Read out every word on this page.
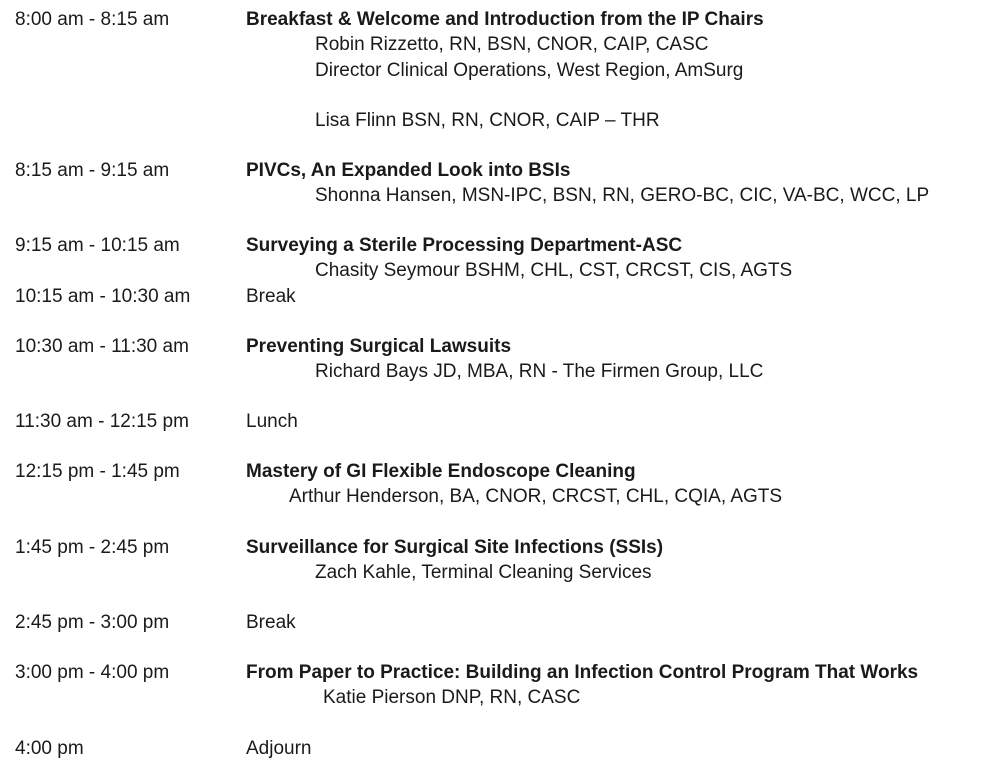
8:00 am - 8:15 am	Breakfast & Welcome and Introduction from the IP Chairs
Robin Rizzetto, RN, BSN, CNOR, CAIP, CASC
Director Clinical Operations, West Region, AmSurg
Lisa Flinn BSN, RN, CNOR, CAIP – THR
8:15 am - 9:15 am	PIVCs, An Expanded Look into BSIs
Shonna Hansen, MSN-IPC, BSN, RN, GERO-BC, CIC, VA-BC, WCC, LP
9:15 am - 10:15 am	Surveying a Sterile Processing Department-ASC
Chasity Seymour BSHM, CHL, CST, CRCST, CIS, AGTS
10:15 am - 10:30 am	Break
10:30 am - 11:30 am	Preventing Surgical Lawsuits
Richard Bays JD, MBA, RN - The Firmen Group, LLC
11:30 am - 12:15 pm	Lunch
12:15 pm - 1:45 pm	Mastery of GI Flexible Endoscope Cleaning
Arthur Henderson, BA, CNOR, CRCST, CHL, CQIA, AGTS
1:45 pm - 2:45 pm	Surveillance for Surgical Site Infections (SSIs)
Zach Kahle, Terminal Cleaning Services
2:45 pm - 3:00 pm	Break
3:00 pm - 4:00 pm	From Paper to Practice: Building an Infection Control Program That Works
Katie Pierson DNP, RN, CASC
4:00 pm	Adjourn
